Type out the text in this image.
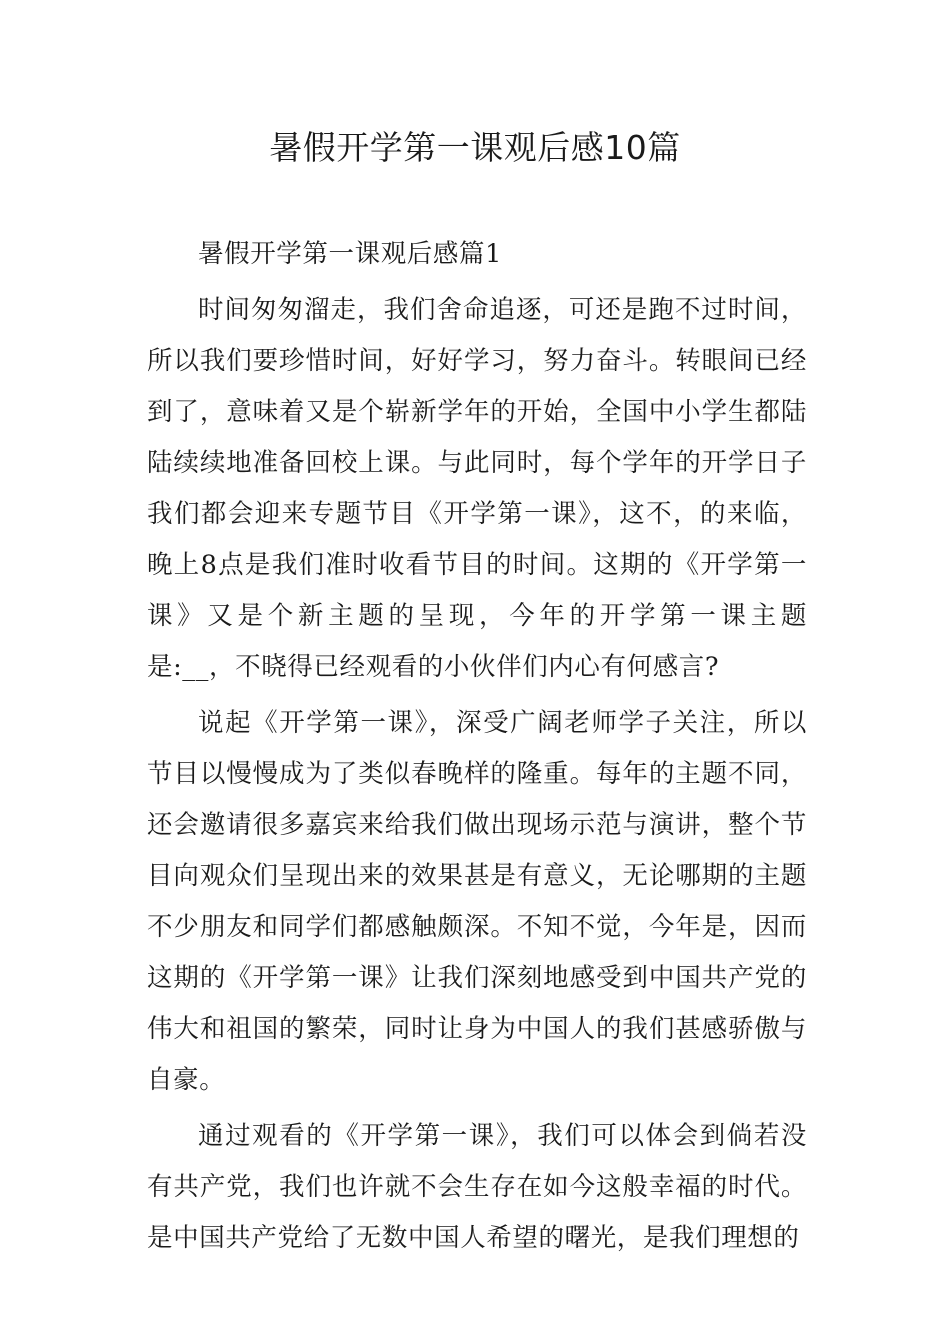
暑假开学第一课观后感10篇

暑假开学第一课观后感篇1

时间匆匆溜走，我们舍命追逐，可还是跑不过时间，所以我们要珍惜时间，好好学习，努力奋斗。转眼间已经到了，意味着又是个崭新学年的开始，全国中小学生都陆陆续续地准备回校上课。与此同时，每个学年的开学日子我们都会迎来专题节目《开学第一课》，这不，的来临，晚上8点是我们准时收看节目的时间。这期的《开学第一课》又是个新主题的呈现，今年的开学第一课主题是:__，不晓得已经观看的小伙伴们内心有何感言?

说起《开学第一课》，深受广阔老师学子关注，所以节目以慢慢成为了类似春晚样的隆重。每年的主题不同，还会邀请很多嘉宾来给我们做出现场示范与演讲，整个节目向观众们呈现出来的效果甚是有意义，无论哪期的主题不少朋友和同学们都感触颇深。不知不觉，今年是，因而这期的《开学第一课》让我们深刻地感受到中国共产党的伟大和祖国的繁荣，同时让身为中国人的我们甚感骄傲与自豪。

通过观看的《开学第一课》，我们可以体会到倘若没有共产党，我们也许就不会生存在如今这般幸福的时代。是中国共产党给了无数中国人希望的曙光，是我们理想的
